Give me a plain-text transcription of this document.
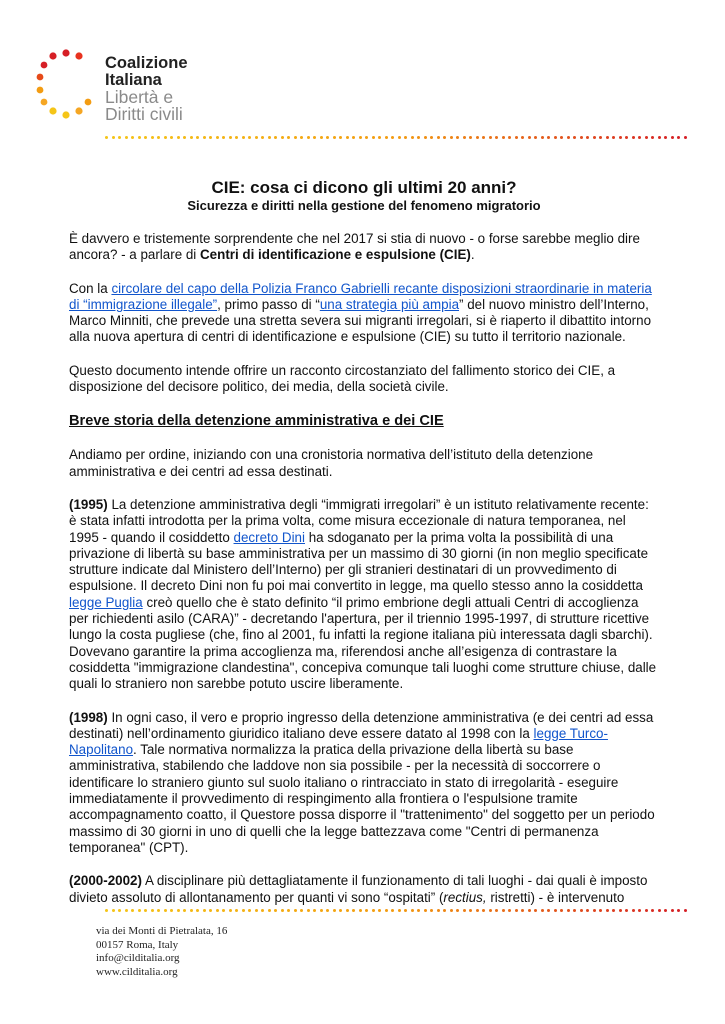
Coalizione
Italiana
Libertà e
Diritti civili
CIE: cosa ci dicono gli ultimi 20 anni?
Sicurezza e diritti nella gestione del fenomeno migratorio

È davvero e tristemente sorprendente che nel 2017 si stia di nuovo - o forse sarebbe meglio dire ancora? - a parlare di Centri di identificazione e espulsione (CIE).

Con la circolare del capo della Polizia Franco Gabrielli recante disposizioni straordinarie in materia di “immigrazione illegale”, primo passo di “una strategia più ampia” del nuovo ministro dell’Interno, Marco Minniti, che prevede una stretta severa sui migranti irregolari, si è riaperto il dibattito intorno alla nuova apertura di centri di identificazione e espulsione (CIE) su tutto il territorio nazionale.

Questo documento intende offrire un racconto circostanziato del fallimento storico dei CIE, a disposizione del decisore politico, dei media, della società civile.

Breve storia della detenzione amministrativa e dei CIE

Andiamo per ordine, iniziando con una cronistoria normativa dell’istituto della detenzione amministrativa e dei centri ad essa destinati.

(1995) La detenzione amministrativa degli “immigrati irregolari” è un istituto relativamente recente: è stata infatti introdotta per la prima volta, come misura eccezionale di natura temporanea, nel 1995 - quando il cosiddetto decreto Dini ha sdoganato per la prima volta la possibilità di una privazione di libertà su base amministrativa per un massimo di 30 giorni (in non meglio specificate strutture indicate dal Ministero dell’Interno) per gli stranieri destinatari di un provvedimento di espulsione. Il decreto Dini non fu poi mai convertito in legge, ma quello stesso anno la cosiddetta legge Puglia creò quello che è stato definito “il primo embrione degli attuali Centri di accoglienza per richiedenti asilo (CARA)” - decretando l'apertura, per il triennio 1995-1997, di strutture ricettive lungo la costa pugliese (che, fino al 2001, fu infatti la regione italiana più interessata dagli sbarchi). Dovevano garantire la prima accoglienza ma, riferendosi anche all’esigenza di contrastare la cosiddetta "immigrazione clandestina", concepiva comunque tali luoghi come strutture chiuse, dalle quali lo straniero non sarebbe potuto uscire liberamente.

(1998) In ogni caso, il vero e proprio ingresso della detenzione amministrativa (e dei centri ad essa destinati) nell’ordinamento giuridico italiano deve essere datato al 1998 con la legge Turco-Napolitano. Tale normativa normalizza la pratica della privazione della libertà su base amministrativa, stabilendo che laddove non sia possibile - per la necessità di soccorrere o identificare lo straniero giunto sul suolo italiano o rintracciato in stato di irregolarità - eseguire immediatamente il provvedimento di respingimento alla frontiera o l'espulsione tramite accompagnamento coatto, il Questore possa disporre il "trattenimento" del soggetto per un periodo massimo di 30 giorni in uno di quelli che la legge battezzava come "Centri di permanenza temporanea" (CPT).

(2000-2002) A disciplinare più dettagliatamente il funzionamento di tali luoghi - dai quali è imposto divieto assoluto di allontanamento per quanti vi sono “ospitati” (rectius, ristretti) - è intervenuto

via dei Monti di Pietralata, 16
00157 Roma, Italy
info@cilditalia.org
www.cilditalia.org
